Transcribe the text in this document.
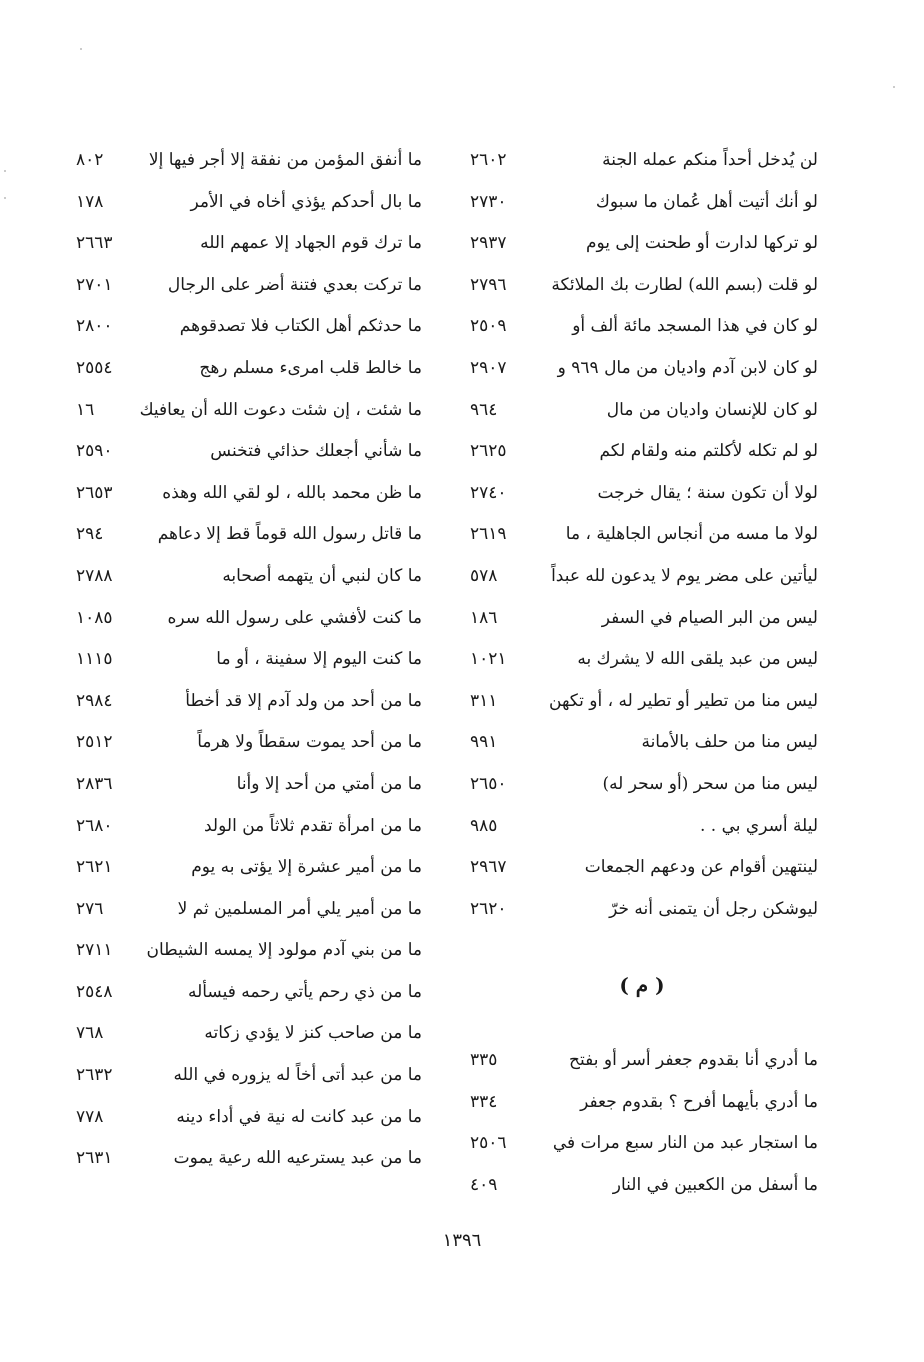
لن يُدخل أحداً منكم عمله الجنة
٢٦٠٢
لو أنك أتيت أهل عُمان ما سبوك
٢٧٣٠
لو تركها لدارت أو طحنت إلى يوم
٢٩٣٧
لو قلت (بسم الله) لطارت بك الملائكة
٢٧٩٦
لو كان في هذا المسجد مائة ألف أو
٢٥٠٩
لو كان لابن آدم واديان من مال ٩٦٩ و
٢٩٠٧
لو كان للإنسان واديان من مال
٩٦٤
لو لم تكله لأكلتم منه ولقام لكم
٢٦٢٥
لولا أن تكون سنة ؛ يقال خرجت
٢٧٤٠
لولا ما مسه من أنجاس الجاهلية ، ما
٢٦١٩
ليأتين على مضر يوم لا يدعون لله عبداً
٥٧٨
ليس من البر الصيام في السفر
١٨٦
ليس من عبد يلقى الله لا يشرك به
١٠٢١
ليس منا من تطير أو تطير له ، أو تكهن
٣١١
ليس منا من حلف بالأمانة
٩٩١
ليس منا من سحر (أو سحر له)
٢٦٥٠
ليلة أسري بي . .
٩٨٥
لينتهين أقوام عن ودعهم الجمعات
٢٩٦٧
ليوشكن رجل أن يتمنى أنه خرّ
٢٦٢٠
( م )
ما أدري أنا بقدوم جعفر أسر أو بفتح
٣٣٥
ما أدري بأيهما أفرح ؟ بقدوم جعفر
٣٣٤
ما استجار عبد من النار سبع مرات في
٢٥٠٦
ما أسفل من الكعبين في النار
٤٠٩
ما أنفق المؤمن من نفقة إلا أجر فيها إلا
٨٠٢
ما بال أحدكم يؤذي أخاه في الأمر
١٧٨
ما ترك قوم الجهاد إلا عمهم الله
٢٦٦٣
ما تركت بعدي فتنة أضر على الرجال
٢٧٠١
ما حدثكم أهل الكتاب فلا تصدقوهم
٢٨٠٠
ما خالط قلب امرىء مسلم رهج
٢٥٥٤
ما شئت ، إن شئت دعوت الله أن يعافيك
١٦
ما شأني أجعلك حذائي فتخنس
٢٥٩٠
ما ظن محمد بالله ، لو لقي الله وهذه
٢٦٥٣
ما قاتل رسول الله قوماً قط إلا دعاهم
٢٩٤
ما كان لنبي أن يتهمه أصحابه
٢٧٨٨
ما كنت لأفشي على رسول الله سره
١٠٨٥
ما كنت اليوم إلا سفينة ، أو ما
١١١٥
ما من أحد من ولد آدم إلا قد أخطأ
٢٩٨٤
ما من أحد يموت سقطاً ولا هرماً
٢٥١٢
ما من أمتي من أحد إلا وأنا
٢٨٣٦
ما من امرأة تقدم ثلاثاً من الولد
٢٦٨٠
ما من أمير عشرة إلا يؤتى به يوم
٢٦٢١
ما من أمير يلي أمر المسلمين ثم لا
٢٧٦
ما من بني آدم مولود إلا يمسه الشيطان
٢٧١١
ما من ذي رحم يأتي رحمه فيسأله
٢٥٤٨
ما من صاحب كنز لا يؤدي زكاته
٧٦٨
ما من عبد أتى أخاً له يزوره في الله
٢٦٣٢
ما من عبد كانت له نية في أداء دينه
٧٧٨
ما من عبد يسترعيه الله رعية يموت
٢٦٣١
١٣٩٦
